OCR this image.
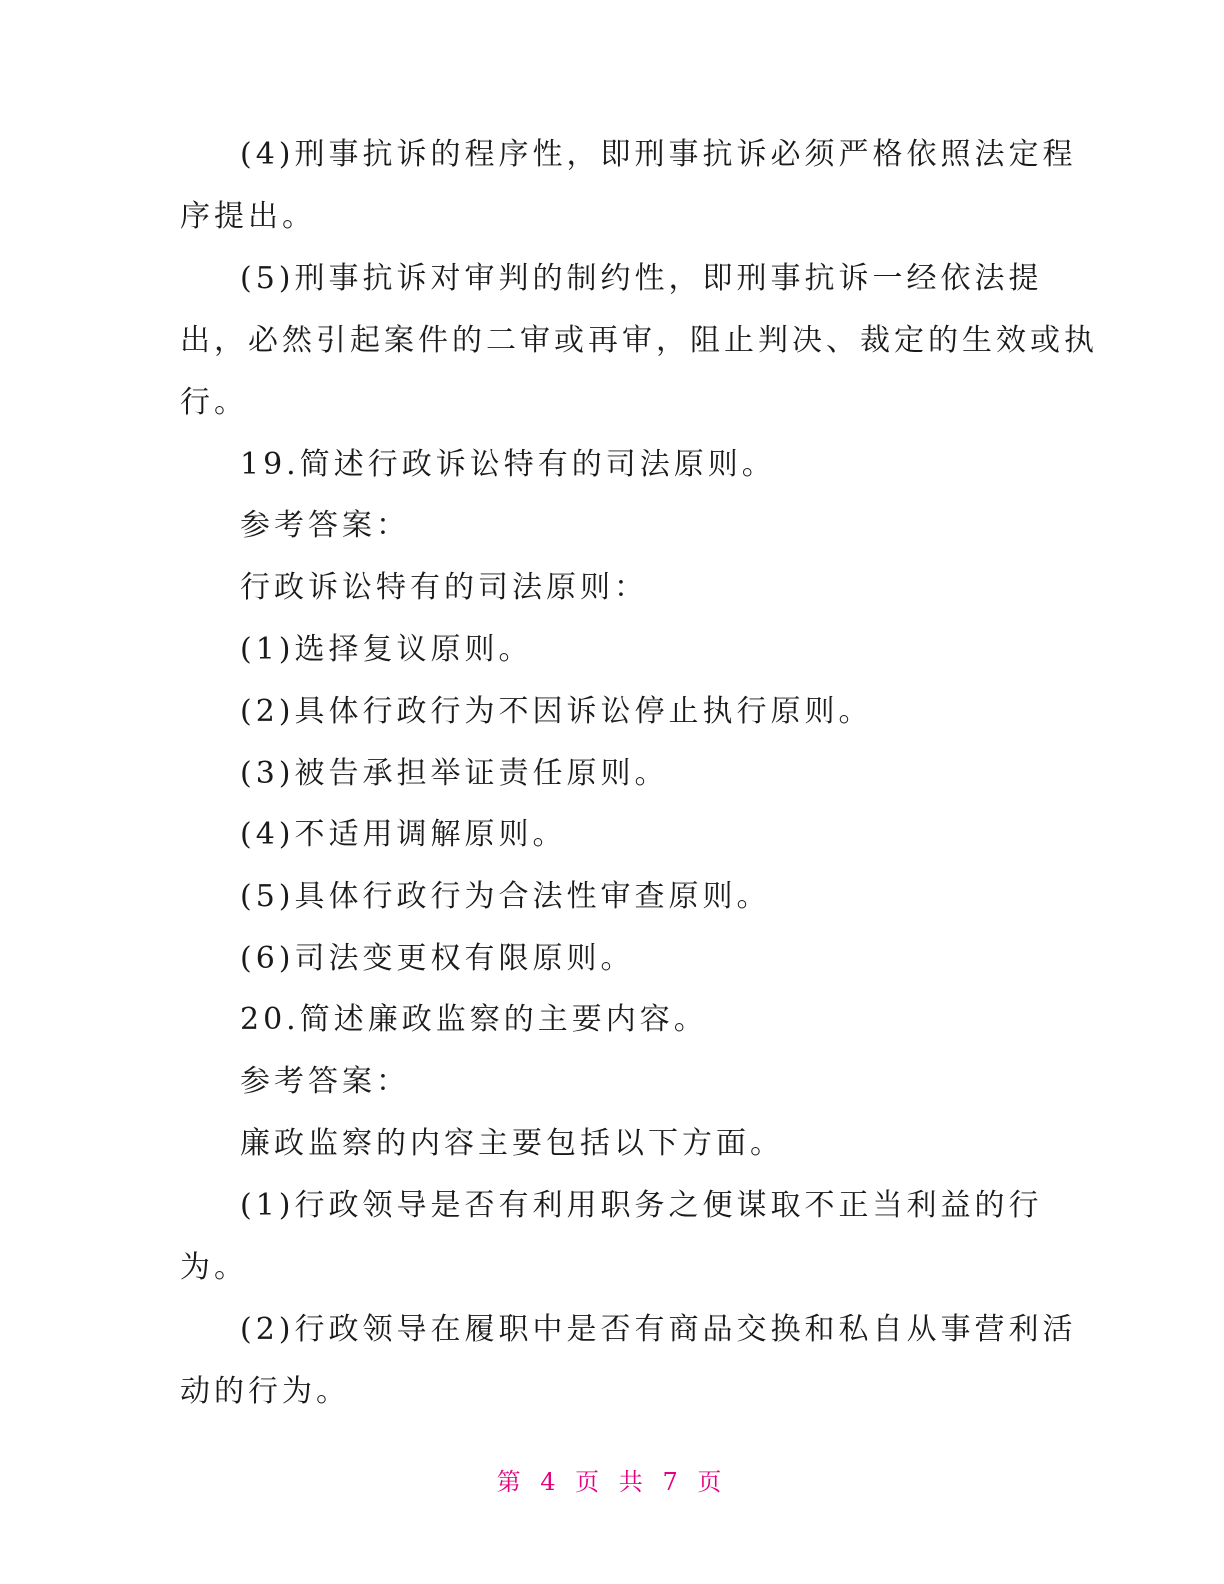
(4)刑事抗诉的程序性，即刑事抗诉必须严格依照法定程
序提出。
(5)刑事抗诉对审判的制约性，即刑事抗诉一经依法提
出，必然引起案件的二审或再审，阻止判决、裁定的生效或执
行。
19.简述行政诉讼特有的司法原则。
参考答案：
行政诉讼特有的司法原则：
(1)选择复议原则。
(2)具体行政行为不因诉讼停止执行原则。
(3)被告承担举证责任原则。
(4)不适用调解原则。
(5)具体行政行为合法性审查原则。
(6)司法变更权有限原则。
20.简述廉政监察的主要内容。
参考答案：
廉政监察的内容主要包括以下方面。
(1)行政领导是否有利用职务之便谋取不正当利益的行
为。
(2)行政领导在履职中是否有商品交换和私自从事营利活
动的行为。
第 4 页 共 7 页
